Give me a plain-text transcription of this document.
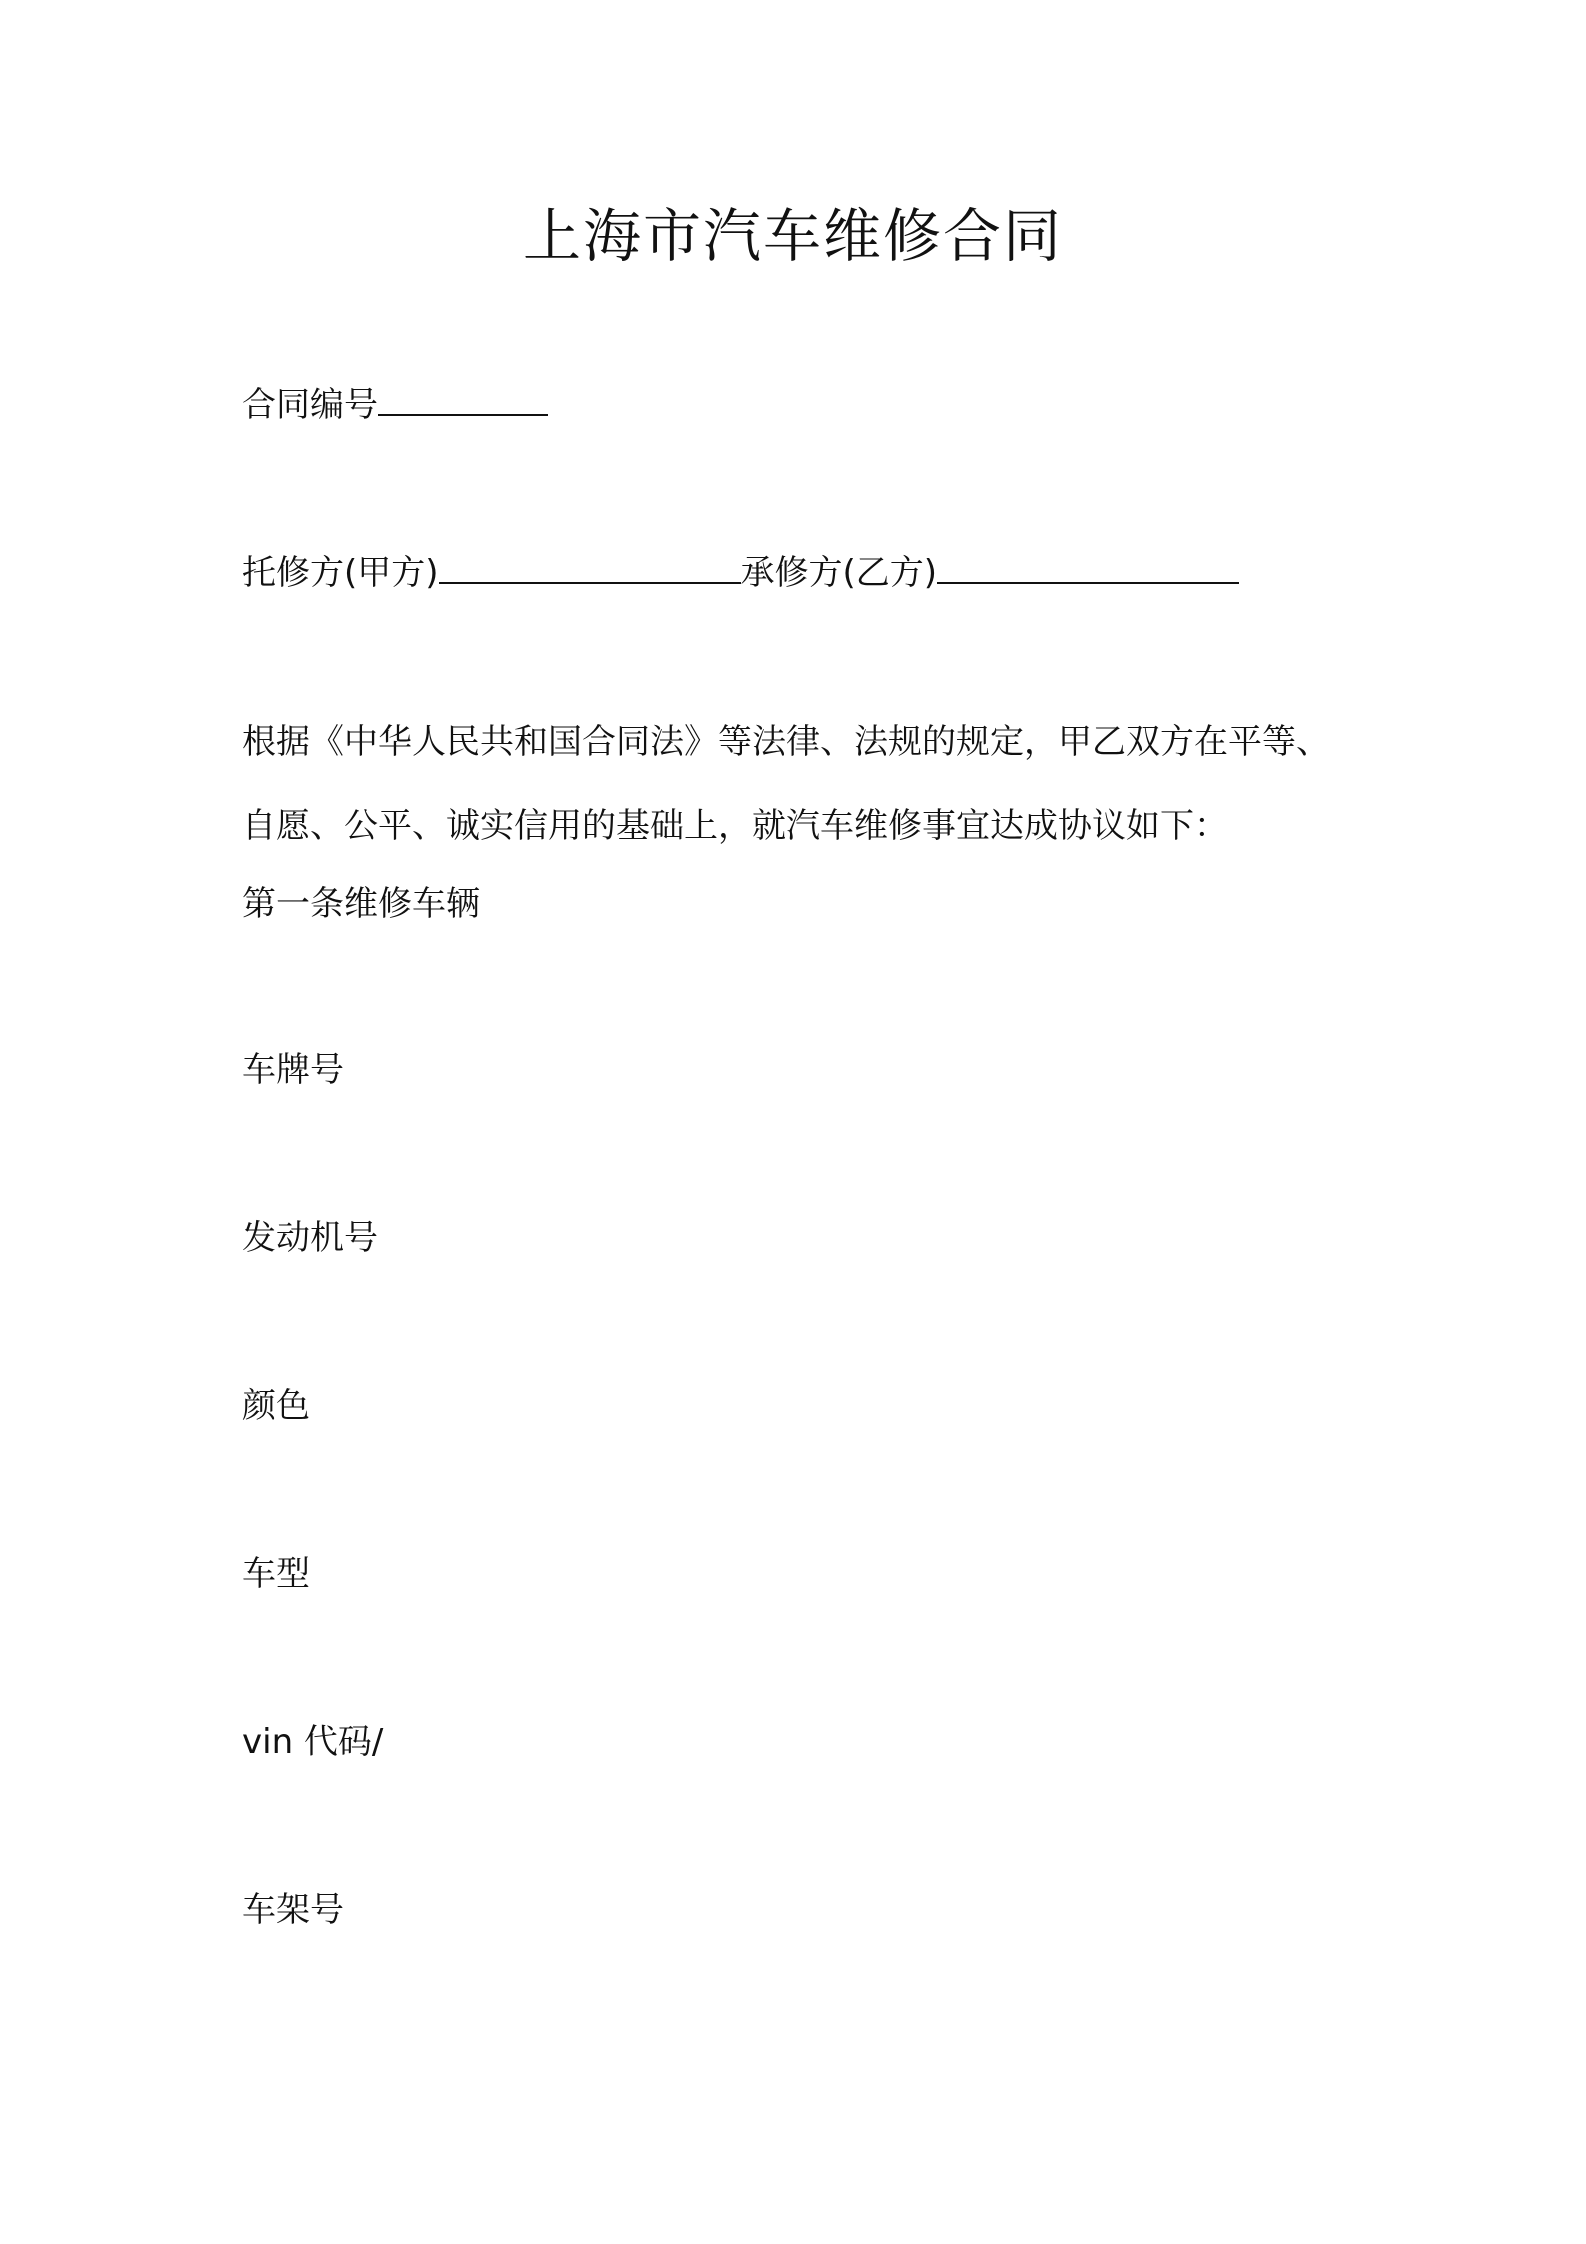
上海市汽车维修合同

合同编号

托修方(甲方)	承修方(乙方)

根据《中华人民共和国合同法》等法律、法规的规定，甲乙双方在平等、自愿、公平、诚实信用的基础上，就汽车维修事宜达成协议如下：

第一条维修车辆

车牌号

发动机号

颜色

车型

vin 代码/

车架号
